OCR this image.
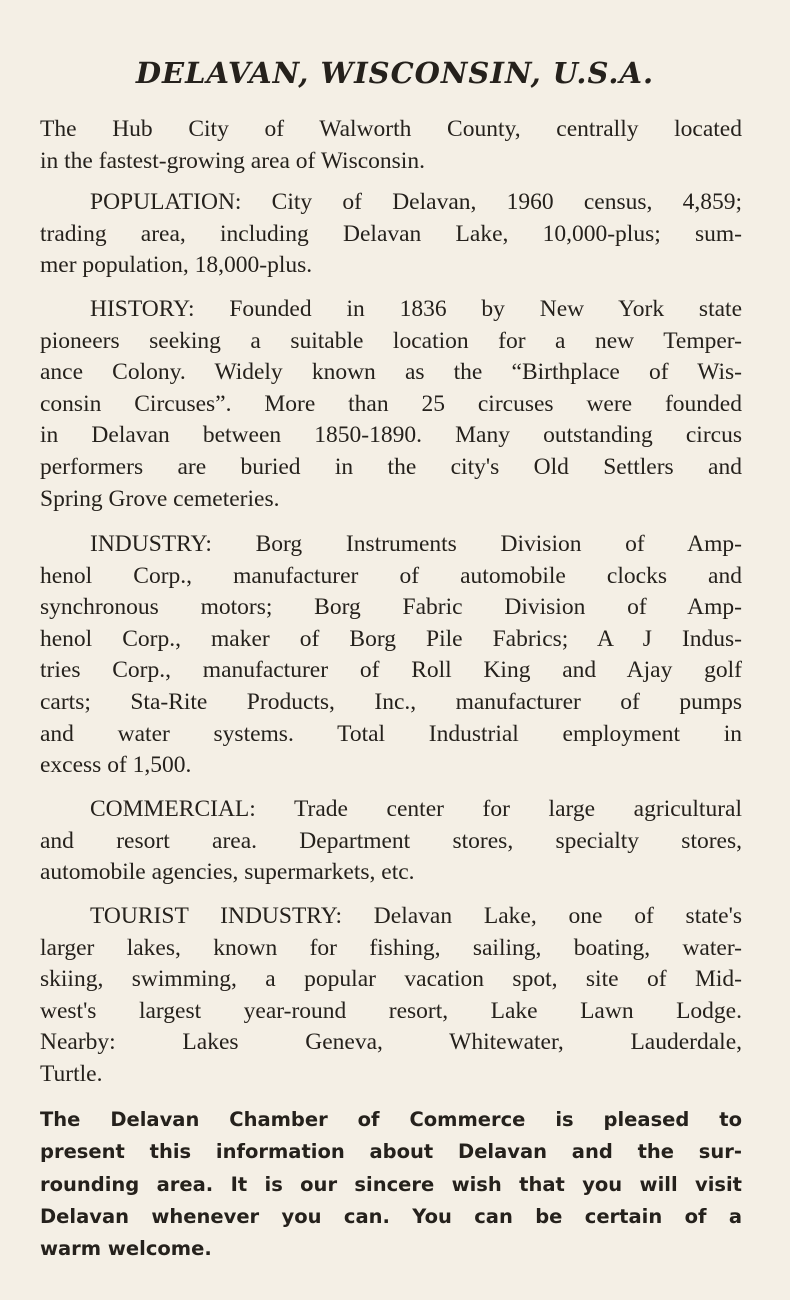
DELAVAN, WISCONSIN, U.S.A.
The Hub City of Walworth County, centrally located
in the fastest-growing area of Wisconsin.
POPULATION: City of Delavan, 1960 census, 4,859;
trading area, including Delavan Lake, 10,000-plus; sum-
mer population, 18,000-plus.
HISTORY: Founded in 1836 by New York state
pioneers seeking a suitable location for a new Temper-
ance Colony. Widely known as the “Birthplace of Wis-
consin Circuses”. More than 25 circuses were founded
in Delavan between 1850-1890. Many outstanding circus
performers are buried in the city's Old Settlers and
Spring Grove cemeteries.
INDUSTRY: Borg Instruments Division of Amp-
henol Corp., manufacturer of automobile clocks and
synchronous motors; Borg Fabric Division of Amp-
henol Corp., maker of Borg Pile Fabrics; A J Indus-
tries Corp., manufacturer of Roll King and Ajay golf
carts; Sta-Rite Products, Inc., manufacturer of pumps
and water systems. Total Industrial employment in
excess of 1,500.
COMMERCIAL: Trade center for large agricultural
and resort area. Department stores, specialty stores,
automobile agencies, supermarkets, etc.
TOURIST INDUSTRY: Delavan Lake, one of state's
larger lakes, known for fishing, sailing, boating, water-
skiing, swimming, a popular vacation spot, site of Mid-
west's largest year-round resort, Lake Lawn Lodge.
Nearby: Lakes Geneva, Whitewater, Lauderdale,
Turtle.
The Delavan Chamber of Commerce is pleased to
present this information about Delavan and the sur-
rounding area. It is our sincere wish that you will visit
Delavan whenever you can. You can be certain of a
warm welcome.
